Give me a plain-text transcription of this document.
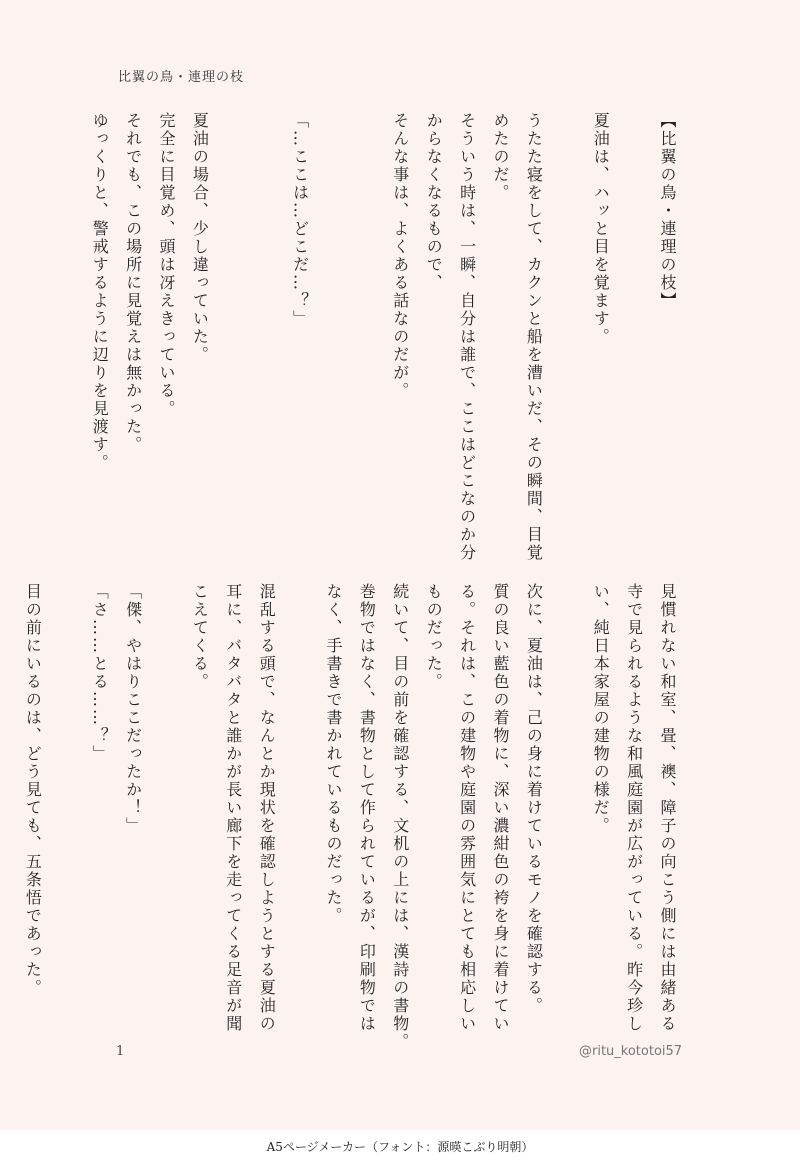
比翼の鳥・連理の枝
【比翼の鳥・連理の枝】
夏油は、ハッと目を覚ます。
うたた寝をして、カクンと船を漕いだ、その瞬間、目覚
めたのだ。
そういう時は、一瞬、自分は誰で、ここはどこなのか分
からなくなるもので、
そんな事は、よくある話なのだが。
「…ここは…どこだ…？」
夏油の場合、少し違っていた。
完全に目覚め、頭は冴えきっている。
それでも、この場所に見覚えは無かった。
ゆっくりと、警戒するように辺りを見渡す。
見慣れない和室、畳、襖、障子の向こう側には由緒ある
寺で見られるような和風庭園が広がっている。昨今珍し
い、純日本家屋の建物の様だ。
次に、夏油は、己の身に着けているモノを確認する。
質の良い藍色の着物に、深い濃紺色の袴を身に着けてい
る。それは、この建物や庭園の雰囲気にとても相応しい
ものだった。
続いて、目の前を確認する、文机の上には、漢詩の書物。
巻物ではなく、書物として作られているが、印刷物では
なく、手書きで書かれているものだった。
混乱する頭で、なんとか現状を確認しようとする夏油の
耳に、バタバタと誰かが長い廊下を走ってくる足音が聞
こえてくる。
「傑、やはりここだったか！」
「さ……とる……？」
目の前にいるのは、どう見ても、五条悟であった。
1	@ritu_kototoi57
A5ページメーカー（フォント：源暎こぶり明朝）
